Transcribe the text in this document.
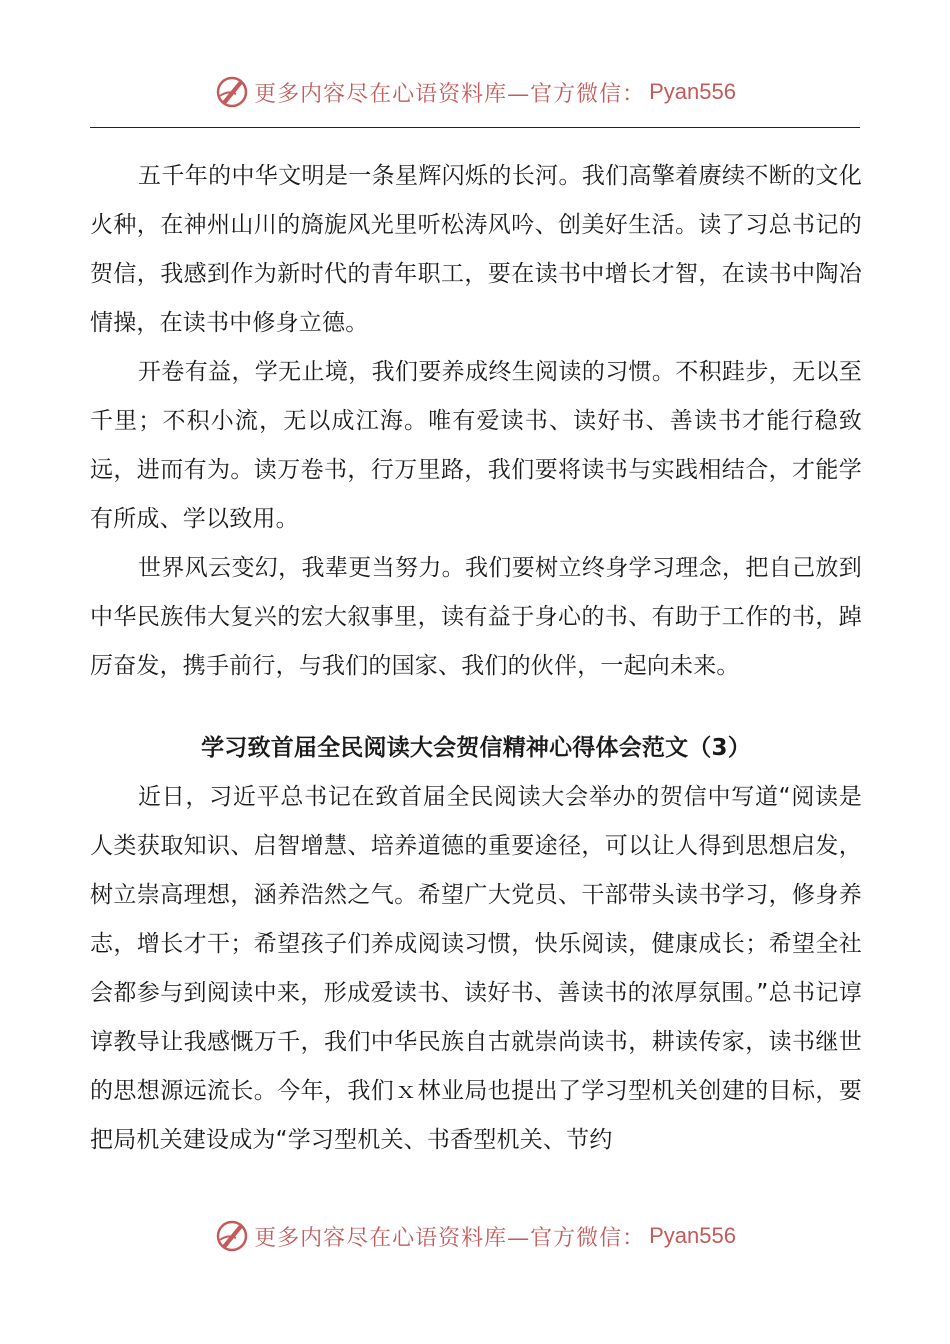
更多内容尽在心语资料库—官方微信： Pyan556

五千年的中华文明是一条星辉闪烁的长河。我们高擎着赓续不断的文化火种，在神州山川的旖旎风光里听松涛风吟、创美好生活。读了习总书记的贺信，我感到作为新时代的青年职工，要在读书中增长才智，在读书中陶冶情操，在读书中修身立德。

开卷有益，学无止境，我们要养成终生阅读的习惯。不积跬步，无以至千里；不积小流，无以成江海。唯有爱读书、读好书、善读书才能行稳致远，进而有为。读万卷书，行万里路，我们要将读书与实践相结合，才能学有所成、学以致用。

世界风云变幻，我辈更当努力。我们要树立终身学习理念，把自己放到中华民族伟大复兴的宏大叙事里，读有益于身心的书、有助于工作的书，踔厉奋发，携手前行，与我们的国家、我们的伙伴，一起向未来。

学习致首届全民阅读大会贺信精神心得体会范文（3）

近日，习近平总书记在致首届全民阅读大会举办的贺信中写道“阅读是人类获取知识、启智增慧、培养道德的重要途径，可以让人得到思想启发，树立崇高理想，涵养浩然之气。希望广大党员、干部带头读书学习，修身养志，增长才干；希望孩子们养成阅读习惯，快乐阅读，健康成长；希望全社会都参与到阅读中来，形成爱读书、读好书、善读书的浓厚氛围。”总书记谆谆教导让我感慨万千，我们中华民族自古就崇尚读书，耕读传家，读书继世的思想源远流长。今年，我们ｘ林业局也提出了学习型机关创建的目标，要把局机关建设成为“学习型机关、书香型机关、节约

更多内容尽在心语资料库—官方微信： Pyan556
